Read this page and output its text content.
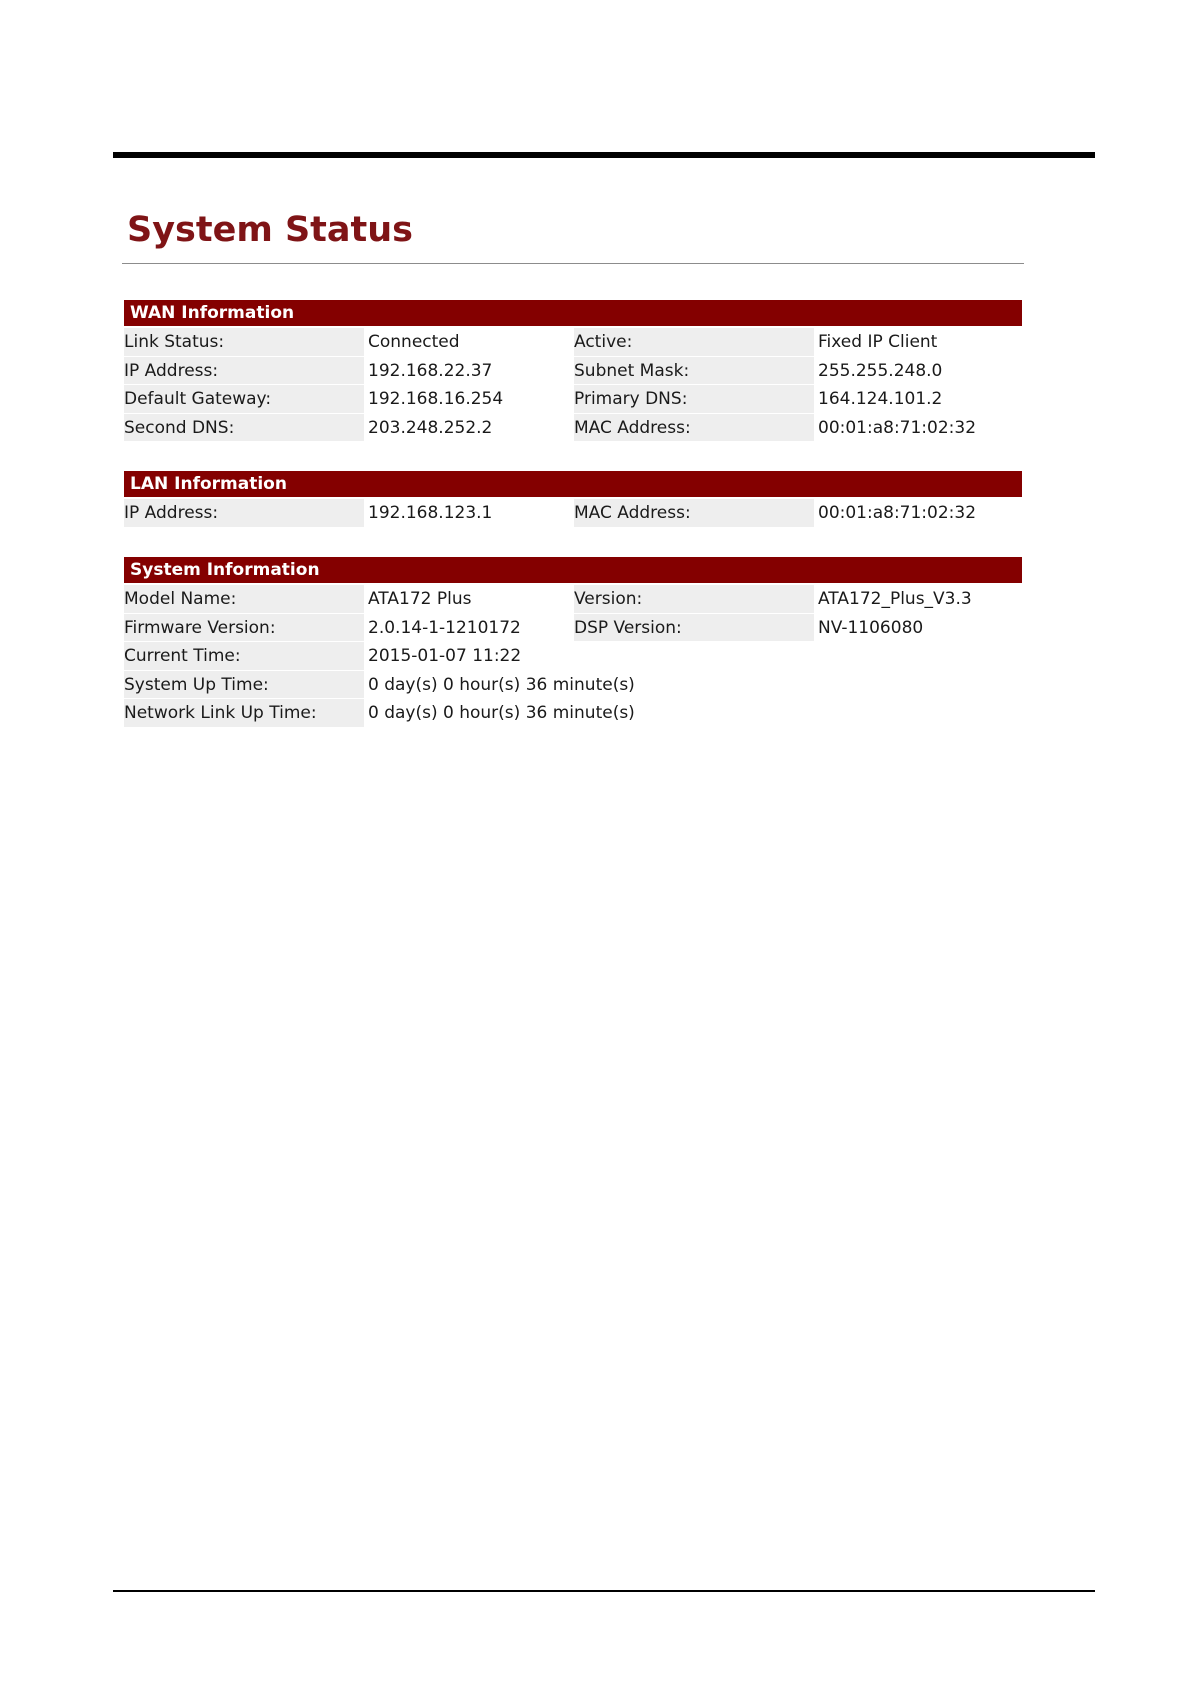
System Status
WAN Information
Link Status:	Connected	Active:	Fixed IP Client
IP Address:	192.168.22.37	Subnet Mask:	255.255.248.0
Default Gateway:	192.168.16.254	Primary DNS:	164.124.101.2
Second DNS:	203.248.252.2	MAC Address:	00:01:a8:71:02:32
LAN Information
IP Address:	192.168.123.1	MAC Address:	00:01:a8:71:02:32
System Information
Model Name:	ATA172 Plus	Version:	ATA172_Plus_V3.3
Firmware Version:	2.0.14-1-1210172	DSP Version:	NV-1106080
Current Time:	2015-01-07 11:22
System Up Time:	0 day(s) 0 hour(s) 36 minute(s)
Network Link Up Time:	0 day(s) 0 hour(s) 36 minute(s)
